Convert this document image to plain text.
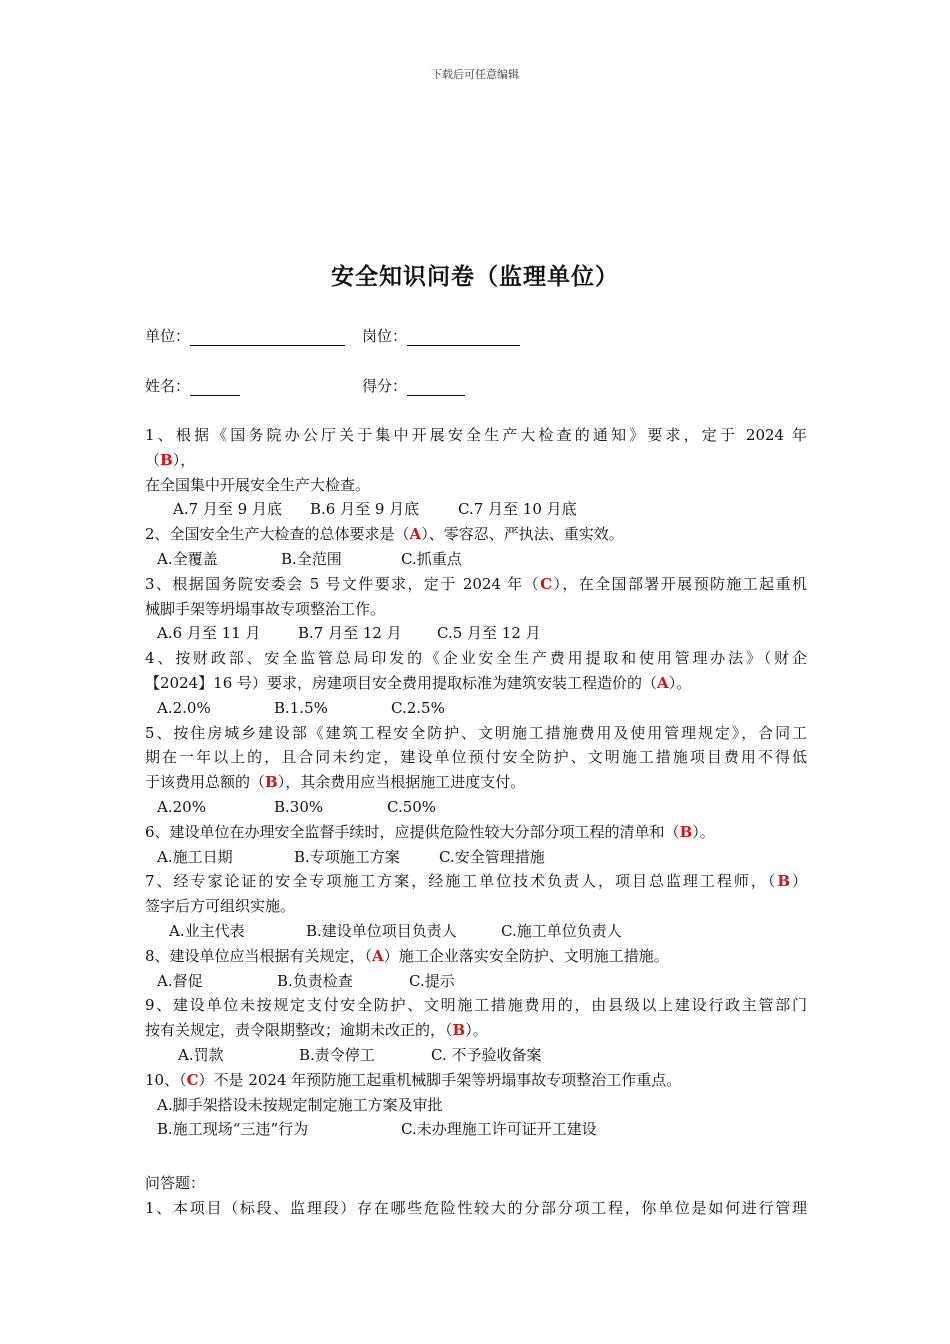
下载后可任意编辑
安全知识问卷（监理单位）
单位：	岗位：
姓名：	得分：
1、根据《国务院办公厅关于集中开展安全生产大检查的通知》要求，定于 2024 年
（B），
在全国集中开展安全生产大检查。
A.7 月至 9 月底 B.6 月至 9 月底	C.7 月至 10 月底
2、全国安全生产大检查的总体要求是（A）、零容忍、严执法、重实效。
A.全覆盖	B.全范围	C.抓重点
3、根据国务院安委会 5 号文件要求，定于 2024 年（C），在全国部署开展预防施工起重机
械脚手架等坍塌事故专项整治工作。
A.6 月至 11 月 B.7 月至 12 月 C.5 月至 12 月
4、按财政部、安全监管总局印发的《企业安全生产费用提取和使用管理办法》（财企
【2024】16 号）要求，房建项目安全费用提取标准为建筑安装工程造价的（A）。
A.2.0%	B.1.5%	C.2.5%
5、按住房城乡建设部《建筑工程安全防护、文明施工措施费用及使用管理规定》，合同工
期在一年以上的，且合同未约定，建设单位预付安全防护、文明施工措施项目费用不得低
于该费用总额的（B），其余费用应当根据施工进度支付。
A.20%	B.30%	C.50%
6、建设单位在办理安全监督手续时，应提供危险性较大分部分项工程的清单和（B）。
A.施工日期	B.专项施工方案	C.安全管理措施
7、经专家论证的安全专项施工方案，经施工单位技术负责人，项目总监理工程师，（B）
签字后方可组织实施。
A.业主代表	B.建设单位项目负责人	C.施工单位负责人
8、建设单位应当根据有关规定，（A）施工企业落实安全防护、文明施工措施。
A.督促	B.负责检查	C.提示
9、建设单位未按规定支付安全防护、文明施工措施费用的，由县级以上建设行政主管部门
按有关规定，责令限期整改；逾期未改正的，（B）。
A.罚款	B.责令停工	C. 不予验收备案
10、（C）不是 2024 年预防施工起重机械脚手架等坍塌事故专项整治工作重点。
A.脚手架搭设未按规定制定施工方案及审批
B.施工现场“三违”行为	C.未办理施工许可证开工建设
问答题：
1、本项目（标段、监理段）存在哪些危险性较大的分部分项工程，你单位是如何进行管理
